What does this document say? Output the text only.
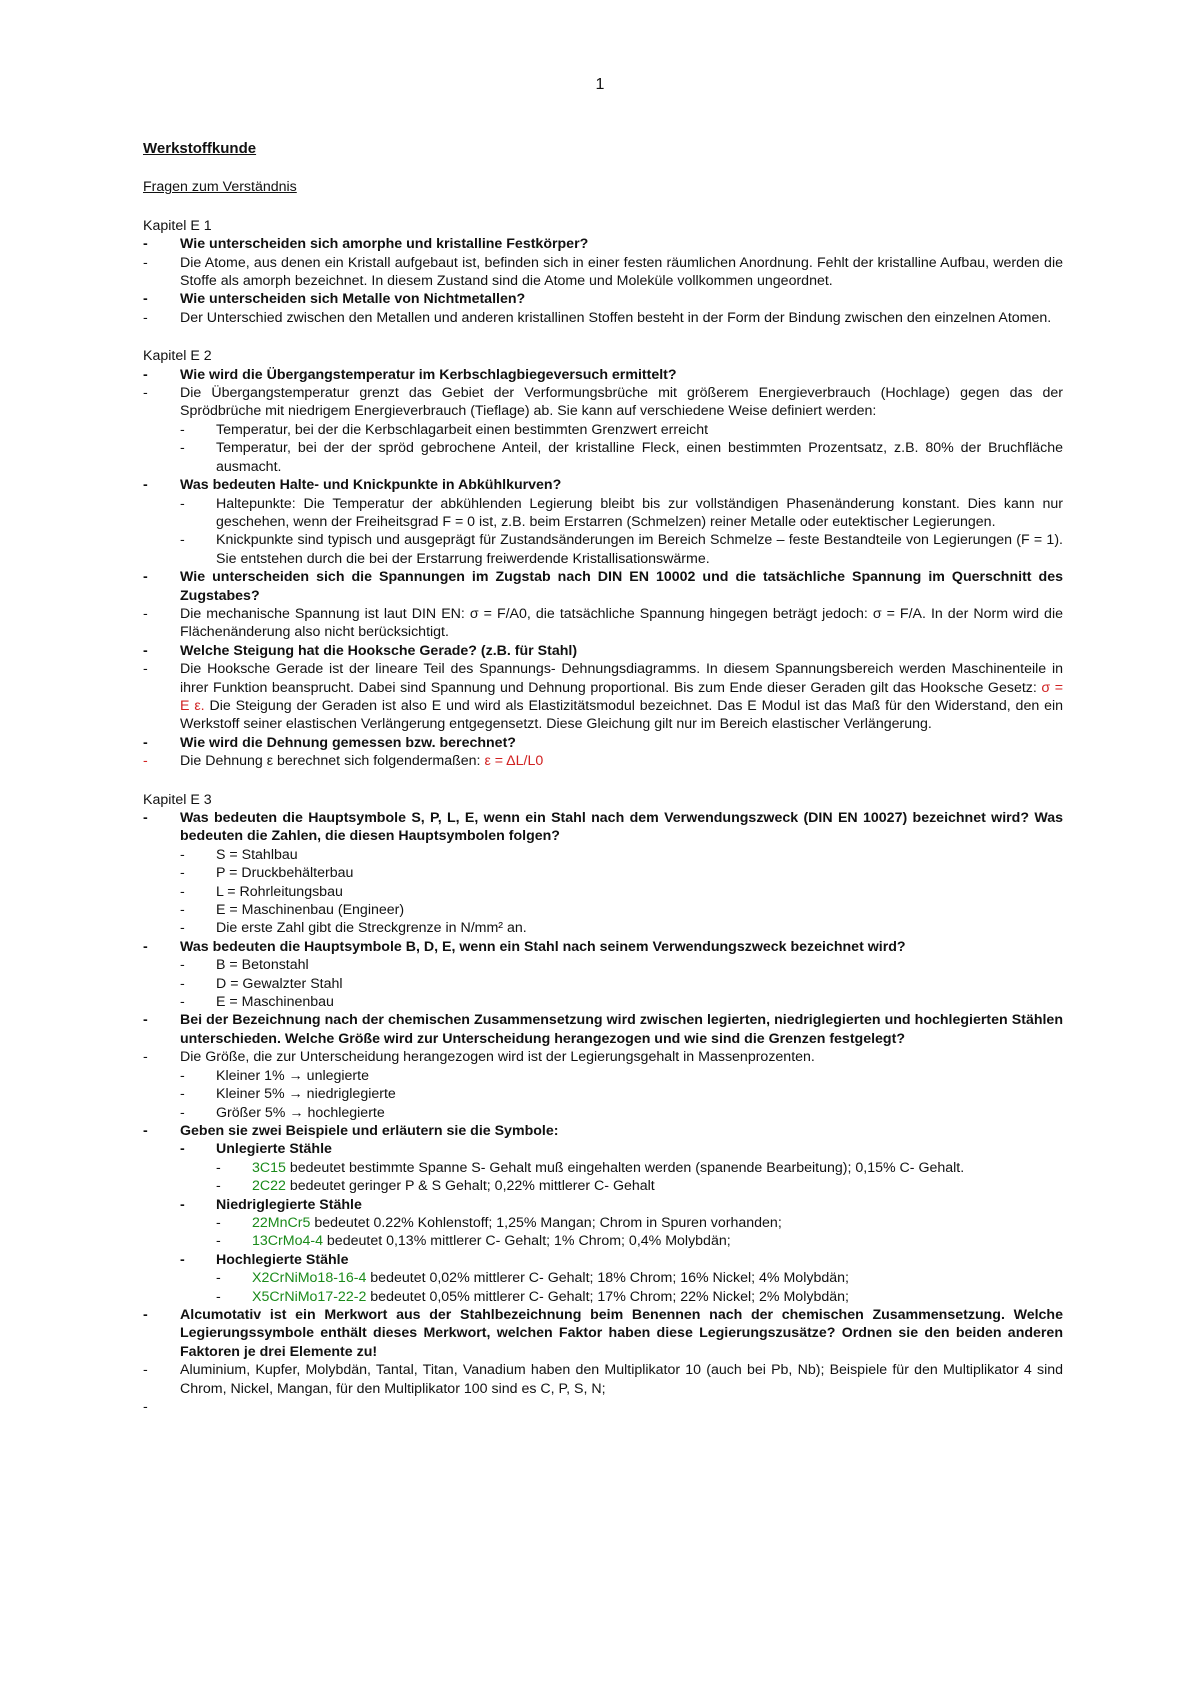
1
Werkstoffkunde
Fragen zum Verständnis
Kapitel E 1
- Wie unterscheiden sich amorphe und kristalline Festkörper?
- Die Atome, aus denen ein Kristall aufgebaut ist, befinden sich in einer festen räumlichen Anordnung. Fehlt der kristalline Aufbau, werden die Stoffe als amorph bezeichnet. In diesem Zustand sind die Atome und Moleküle vollkommen ungeordnet.
- Wie unterscheiden sich Metalle von Nichtmetallen?
- Der Unterschied zwischen den Metallen und anderen kristallinen Stoffen besteht in der Form der Bindung zwischen den einzelnen Atomen.
Kapitel E 2
- Wie wird die Übergangstemperatur im Kerbschlagbiegeversuch ermittelt?
- Die Übergangstemperatur grenzt das Gebiet der Verformungsbrüche mit größerem Energieverbrauch (Hochlage) gegen das der Sprödbrüche mit niedrigem Energieverbrauch (Tieflage) ab. Sie kann auf verschiedene Weise definiert werden:
- Temperatur, bei der die Kerbschlagarbeit einen bestimmten Grenzwert erreicht
- Temperatur, bei der der spröd gebrochene Anteil, der kristalline Fleck, einen bestimmten Prozentsatz, z.B. 80% der Bruchfläche ausmacht.
- Was bedeuten Halte- und Knickpunkte in Abkühlkurven?
- Haltepunkte: Die Temperatur der abkühlenden Legierung bleibt bis zur vollständigen Phasenänderung konstant. Dies kann nur geschehen, wenn der Freiheitsgrad F = 0 ist, z.B. beim Erstarren (Schmelzen) reiner Metalle oder eutektischer Legierungen.
- Knickpunkte sind typisch und ausgeprägt für Zustandsänderungen im Bereich Schmelze – feste Bestandteile von Legierungen (F = 1). Sie entstehen durch die bei der Erstarrung freiwerdende Kristallisationswärme.
- Wie unterscheiden sich die Spannungen im Zugstab nach DIN EN 10002 und die tatsächliche Spannung im Querschnitt des Zugstabes?
- Die mechanische Spannung ist laut DIN EN: σ = F/A0, die tatsächliche Spannung hingegen beträgt jedoch: σ = F/A. In der Norm wird die Flächenänderung also nicht berücksichtigt.
- Welche Steigung hat die Hooksche Gerade? (z.B. für Stahl)
- Die Hooksche Gerade ist der lineare Teil des Spannungs- Dehnungsdiagramms. In diesem Spannungsbereich werden Maschinenteile in ihrer Funktion beansprucht. Dabei sind Spannung und Dehnung proportional. Bis zum Ende dieser Geraden gilt das Hooksche Gesetz: σ = E ε. Die Steigung der Geraden ist also E und wird als Elastizitätsmodul bezeichnet. Das E Modul ist das Maß für den Widerstand, den ein Werkstoff seiner elastischen Verlängerung entgegensetzt. Diese Gleichung gilt nur im Bereich elastischer Verlängerung.
- Wie wird die Dehnung gemessen bzw. berechnet?
- Die Dehnung ε berechnet sich folgendermaßen: ε = ΔL/L0
Kapitel E 3
- Was bedeuten die Hauptsymbole S, P, L, E, wenn ein Stahl nach dem Verwendungszweck (DIN EN 10027) bezeichnet wird? Was bedeuten die Zahlen, die diesen Hauptsymbolen folgen?
- S = Stahlbau
- P = Druckbehälterbau
- L = Rohrleitungsbau
- E = Maschinenbau (Engineer)
- Die erste Zahl gibt die Streckgrenze in N/mm² an.
- Was bedeuten die Hauptsymbole B, D, E, wenn ein Stahl nach seinem Verwendungszweck bezeichnet wird?
- B = Betonstahl
- D = Gewalzter Stahl
- E = Maschinenbau
- Bei der Bezeichnung nach der chemischen Zusammensetzung wird zwischen legierten, niedriglegierten und hochlegierten Stählen unterschieden. Welche Größe wird zur Unterscheidung herangezogen und wie sind die Grenzen festgelegt?
- Die Größe, die zur Unterscheidung herangezogen wird ist der Legierungsgehalt in Massenprozenten.
- Kleiner 1% → unlegierte
- Kleiner 5% → niedriglegierte
- Größer 5% → hochlegierte
- Geben sie zwei Beispiele und erläutern sie die Symbole:
- Unlegierte Stähle
- 3C15 bedeutet bestimmte Spanne S- Gehalt muß eingehalten werden (spanende Bearbeitung); 0,15% C- Gehalt.
- 2C22 bedeutet geringer P & S Gehalt; 0,22% mittlerer C- Gehalt
- Niedriglegierte Stähle
- 22MnCr5 bedeutet 0.22% Kohlenstoff; 1,25% Mangan; Chrom in Spuren vorhanden;
- 13CrMo4-4 bedeutet 0,13% mittlerer C- Gehalt; 1% Chrom; 0,4% Molybdän;
- Hochlegierte Stähle
- X2CrNiMo18-16-4 bedeutet 0,02% mittlerer C- Gehalt; 18% Chrom; 16% Nickel; 4% Molybdän;
- X5CrNiMo17-22-2 bedeutet 0,05% mittlerer C- Gehalt; 17% Chrom; 22% Nickel; 2% Molybdän;
- Alcumotativ ist ein Merkwort aus der Stahlbezeichnung beim Benennen nach der chemischen Zusammensetzung. Welche Legierungssymbole enthält dieses Merkwort, welchen Faktor haben diese Legierungszusätze? Ordnen sie den beiden anderen Faktoren je drei Elemente zu!
- Aluminium, Kupfer, Molybdän, Tantal, Titan, Vanadium haben den Multiplikator 10 (auch bei Pb, Nb); Beispiele für den Multiplikator 4 sind Chrom, Nickel, Mangan, für den Multiplikator 100 sind es C, P, S, N;
-
